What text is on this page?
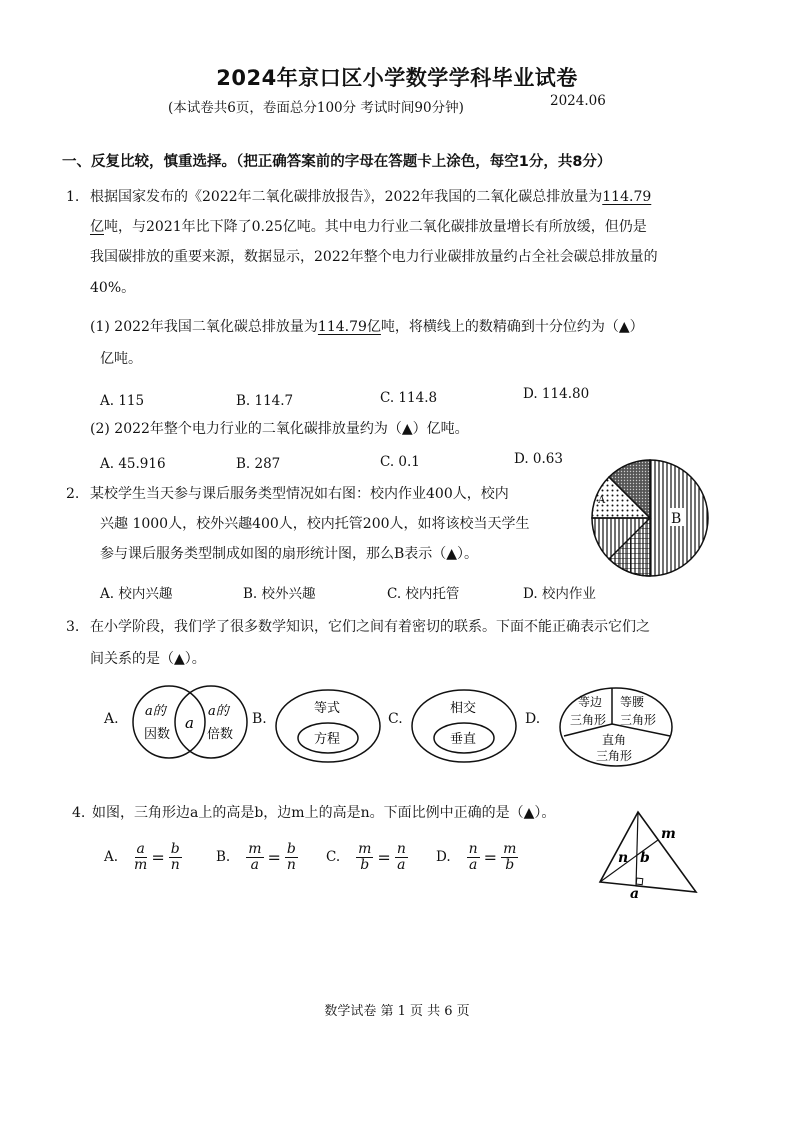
2024年京口区小学数学学科毕业试卷
(本试卷共6页，卷面总分100分 考试时间90分钟)	2024.06
一、反复比较，慎重选择。（把正确答案前的字母在答题卡上涂色，每空1分，共8分）
1. 根据国家发布的《2022年二氧化碳排放报告》，2022年我国的二氧化碳总排放量为114.79
亿吨，与2021年比下降了0.25亿吨。其中电力行业二氧化碳排放量增长有所放缓，但仍是
我国碳排放的重要来源，数据显示，2022年整个电力行业碳排放量约占全社会碳总排放量的
40%。
(1) 2022年我国二氧化碳总排放量为114.79亿吨，将横线上的数精确到十分位约为（▲）
亿吨。
A. 115	B. 114.7	C. 114.8	D. 114.80
(2) 2022年整个电力行业的二氧化碳排放量约为（▲）亿吨。
A. 45.916	B. 287	C. 0.1	D. 0.63
2. 某校学生当天参与课后服务类型情况如右图：校内作业400人，校内
兴趣 1000人，校外兴趣400人，校内托管200人，如将该校当天学生
参与课后服务类型制成如图的扇形统计图，那么B表示（▲）。
A. 校内兴趣	B. 校外兴趣	C. 校内托管	D. 校内作业
B
A
3. 在小学阶段，我们学了很多数学知识，它们之间有着密切的联系。下面不能正确表示它们之
间关系的是（▲）。
A. a的
因数
a
a的
倍数
B.
等式
方程
C.
相交
垂直
D.
等边
三角形
等腰
三角形
直角
三角形
4. 如图，三角形边a上的高是b，边m上的高是n。下面比例中正确的是（▲）。
A. $\frac{a}{m} = \frac{b}{n}$	B. $\frac{m}{a} = \frac{b}{n} C$. $\frac{m}{b} = \frac{n}{a} D$. $\frac{n}{a} = \frac{m}{b}$
m
n b
a
数学试卷 第 1 页 共 6 页
